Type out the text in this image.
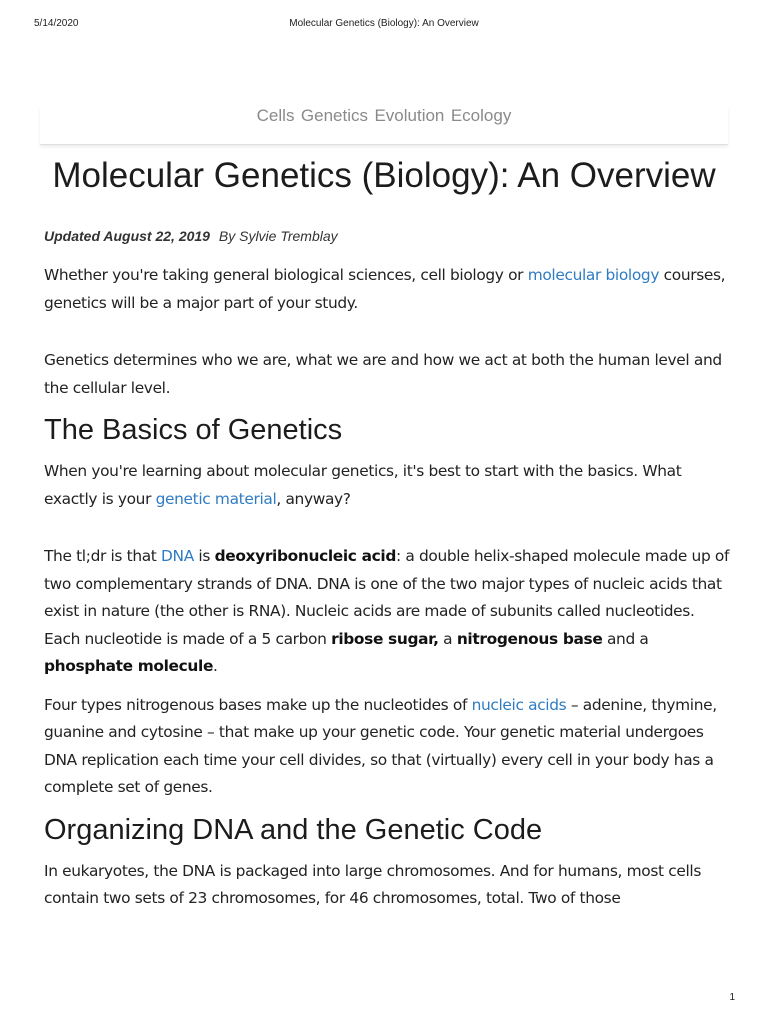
5/14/2020	Molecular Genetics (Biology): An Overview
Cells Genetics Evolution Ecology
Molecular Genetics (Biology): An Overview
Updated August 22, 2019 By Sylvie Tremblay

Whether you're taking general biological sciences, cell biology or molecular biology courses, genetics will be a major part of your study.

Genetics determines who we are, what we are and how we act at both the human level and the cellular level.

The Basics of Genetics

When you're learning about molecular genetics, it's best to start with the basics. What exactly is your genetic material, anyway?

The tl;dr is that DNA is deoxyribonucleic acid: a double helix-shaped molecule made up of two complementary strands of DNA. DNA is one of the two major types of nucleic acids that exist in nature (the other is RNA). Nucleic acids are made of subunits called nucleotides. Each nucleotide is made of a 5 carbon ribose sugar, a nitrogenous base and a phosphate molecule.

Four types nitrogenous bases make up the nucleotides of nucleic acids – adenine, thymine, guanine and cytosine – that make up your genetic code. Your genetic material undergoes DNA replication each time your cell divides, so that (virtually) every cell in your body has a complete set of genes.

Organizing DNA and the Genetic Code

In eukaryotes, the DNA is packaged into large chromosomes. And for humans, most cells contain two sets of 23 chromosomes, for 46 chromosomes, total. Two of those

1
